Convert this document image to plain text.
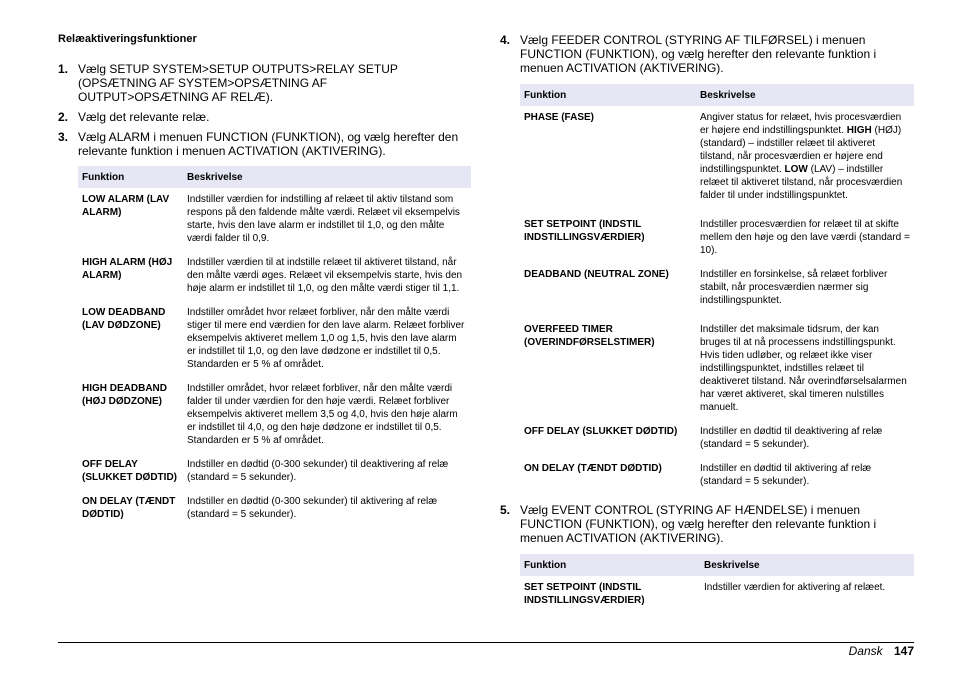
Relæaktiveringsfunktioner
1. Vælg SETUP SYSTEM>SETUP OUTPUTS>RELAY SETUP (OPSÆTNING AF SYSTEM>OPSÆTNING AF OUTPUT>OPSÆTNING AF RELÆ).
2. Vælg det relevante relæ.
3. Vælg ALARM i menuen FUNCTION (FUNKTION), og vælg herefter den relevante funktion i menuen ACTIVATION (AKTIVERING).
Funktion	Beskrivelse
LOW ALARM (LAV ALARM)	Indstiller værdien for indstilling af relæet til aktiv tilstand som respons på den faldende målte værdi. Relæet vil eksempelvis starte, hvis den lave alarm er indstillet til 1,0, og den målte værdi falder til 0,9.
HIGH ALARM (HØJ ALARM)	Indstiller værdien til at indstille relæet til aktiveret tilstand, når den målte værdi øges. Relæet vil eksempelvis starte, hvis den høje alarm er indstillet til 1,0, og den målte værdi stiger til 1,1.
LOW DEADBAND (LAV DØDZONE)	Indstiller området hvor relæet forbliver, når den målte værdi stiger til mere end værdien for den lave alarm. Relæet forbliver eksempelvis aktiveret mellem 1,0 og 1,5, hvis den lave alarm er indstillet til 1,0, og den lave dødzone er indstillet til 0,5. Standarden er 5 % af området.
HIGH DEADBAND (HØJ DØDZONE)	Indstiller området, hvor relæet forbliver, når den målte værdi falder til under værdien for den høje værdi. Relæet forbliver eksempelvis aktiveret mellem 3,5 og 4,0, hvis den høje alarm er indstillet til 4,0, og den høje dødzone er indstillet til 0,5. Standarden er 5 % af området.
OFF DELAY (SLUKKET DØDTID)	Indstiller en dødtid (0-300 sekunder) til deaktivering af relæ (standard = 5 sekunder).
ON DELAY (TÆNDT DØDTID)	Indstiller en dødtid (0-300 sekunder) til aktivering af relæ (standard = 5 sekunder).
4. Vælg FEEDER CONTROL (STYRING AF TILFØRSEL) i menuen FUNCTION (FUNKTION), og vælg herefter den relevante funktion i menuen ACTIVATION (AKTIVERING).
Funktion	Beskrivelse
PHASE (FASE)	Angiver status for relæet, hvis procesværdien er højere end indstillingspunktet. HIGH (HØJ) (standard) – indstiller relæet til aktiveret tilstand, når procesværdien er højere end indstillingspunktet. LOW (LAV) – indstiller relæet til aktiveret tilstand, når procesværdien falder til under indstillingspunktet.
SET SETPOINT (INDSTIL INDSTILLINGSVÆRDIER)	Indstiller procesværdien for relæet til at skifte mellem den høje og den lave værdi (standard = 10).
DEADBAND (NEUTRAL ZONE)	Indstiller en forsinkelse, så relæet forbliver stabilt, når procesværdien nærmer sig indstillingspunktet.
OVERFEED TIMER (OVERINDFØRSELSTIMER)	Indstiller det maksimale tidsrum, der kan bruges til at nå processens indstillingspunkt. Hvis tiden udløber, og relæet ikke viser indstillingspunktet, indstilles relæet til deaktiveret tilstand. Når overindførselsalarmen har været aktiveret, skal timeren nulstilles manuelt.
OFF DELAY (SLUKKET DØDTID)	Indstiller en dødtid til deaktivering af relæ (standard = 5 sekunder).
ON DELAY (TÆNDT DØDTID)	Indstiller en dødtid til aktivering af relæ (standard = 5 sekunder).
5. Vælg EVENT CONTROL (STYRING AF HÆNDELSE) i menuen FUNCTION (FUNKTION), og vælg herefter den relevante funktion i menuen ACTIVATION (AKTIVERING).
Funktion	Beskrivelse
SET SETPOINT (INDSTIL INDSTILLINGSVÆRDIER)	Indstiller værdien for aktivering af relæet.
Dansk 147
